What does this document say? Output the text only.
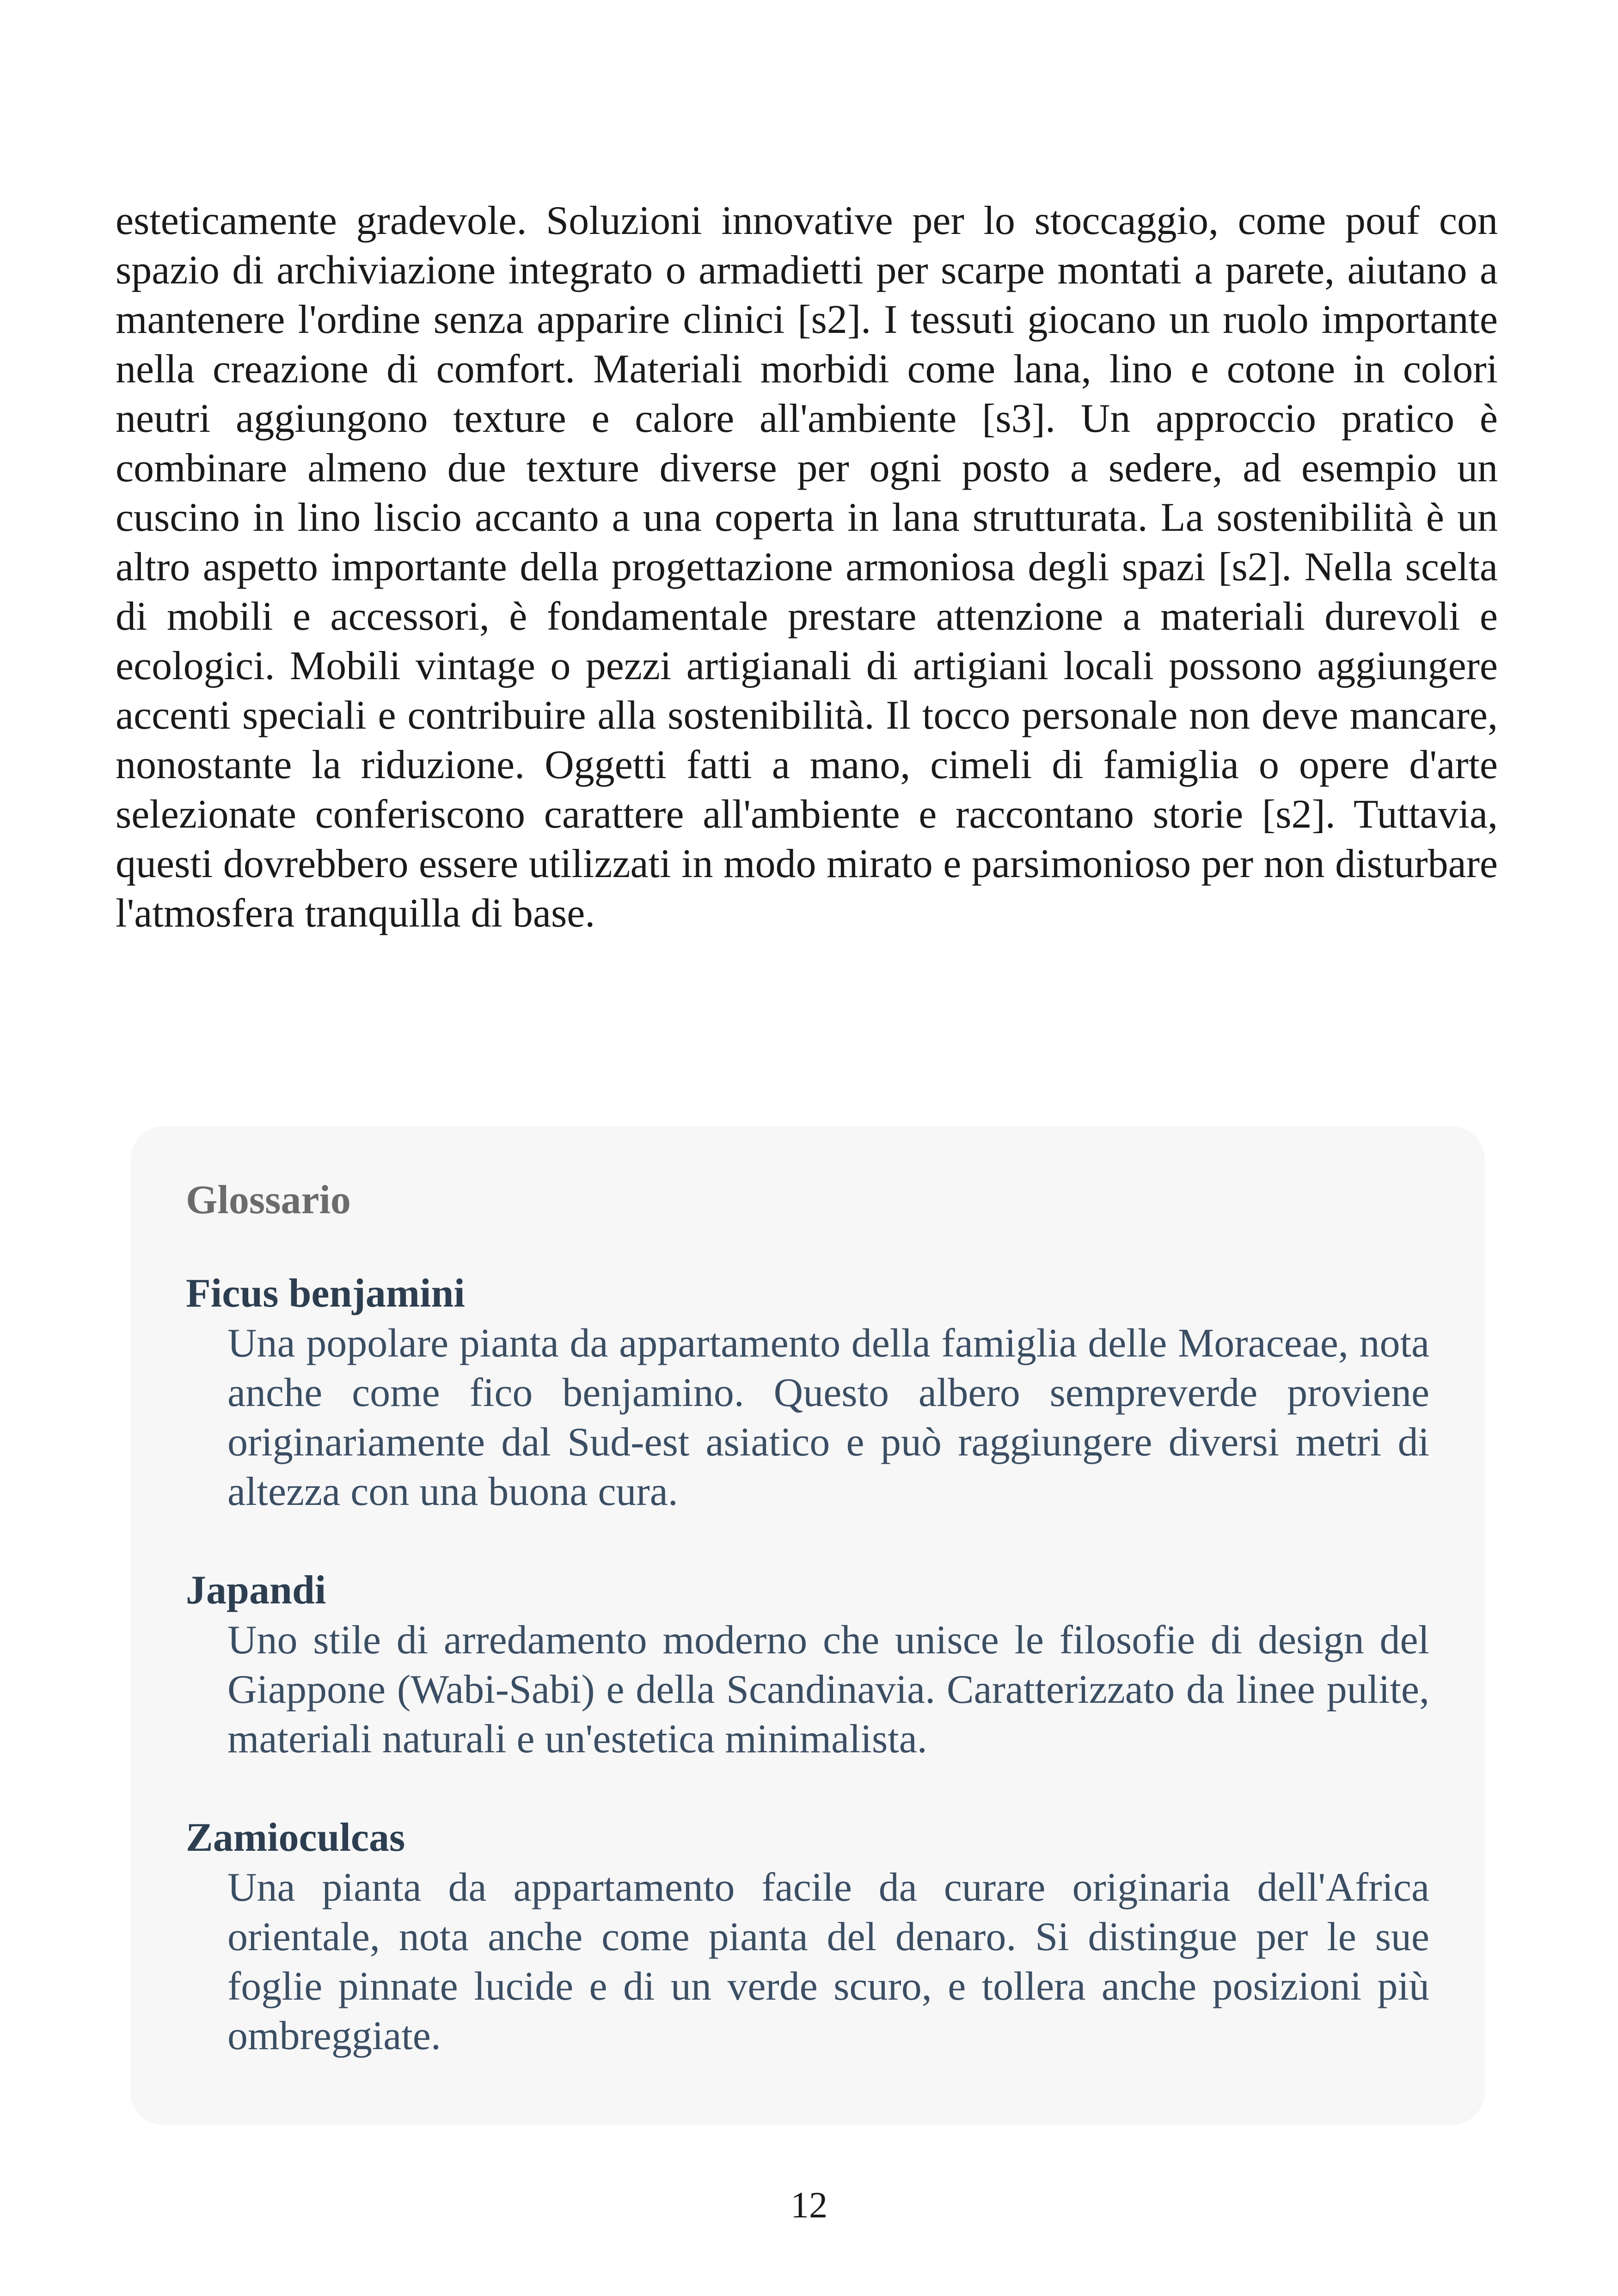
esteticamente gradevole. Soluzioni innovative per lo stoccaggio, come pouf con spazio di archiviazione integrato o armadietti per scarpe montati a parete, aiutano a mantenere l'ordine senza apparire clinici [s2]. I tessuti giocano un ruolo importante nella creazione di comfort. Materiali morbidi come lana, lino e cotone in colori neutri aggiungono texture e calore all'ambiente [s3]. Un approccio pratico è combinare almeno due texture diverse per ogni posto a sedere, ad esempio un cuscino in lino liscio accanto a una coperta in lana strutturata. La sostenibilità è un altro aspetto importante della progettazione armoniosa degli spazi [s2]. Nella scelta di mobili e accessori, è fondamentale prestare attenzione a materiali durevoli e ecologici. Mobili vintage o pezzi artigianali di artigiani locali possono aggiungere accenti speciali e contribuire alla sostenibilità. Il tocco personale non deve mancare, nonostante la riduzione. Oggetti fatti a mano, cimeli di famiglia o opere d'arte selezionate conferiscono carattere all'ambiente e raccontano storie [s2]. Tuttavia, questi dovrebbero essere utilizzati in modo mirato e parsimonioso per non disturbare l'atmosfera tranquilla di base.

Glossario

Ficus benjamini

Una popolare pianta da appartamento della famiglia delle Moraceae, nota anche come fico benjamino. Questo albero sempreverde proviene originariamente dal Sud-est asiatico e può raggiungere diversi metri di altezza con una buona cura.

Japandi

Uno stile di arredamento moderno che unisce le filosofie di design del Giappone (Wabi-Sabi) e della Scandinavia. Caratterizzato da linee pulite, materiali naturali e un'estetica minimalista.

Zamioculcas

Una pianta da appartamento facile da curare originaria dell'Africa orientale, nota anche come pianta del denaro. Si distingue per le sue foglie pinnate lucide e di un verde scuro, e tollera anche posizioni più ombreggiate.

12
